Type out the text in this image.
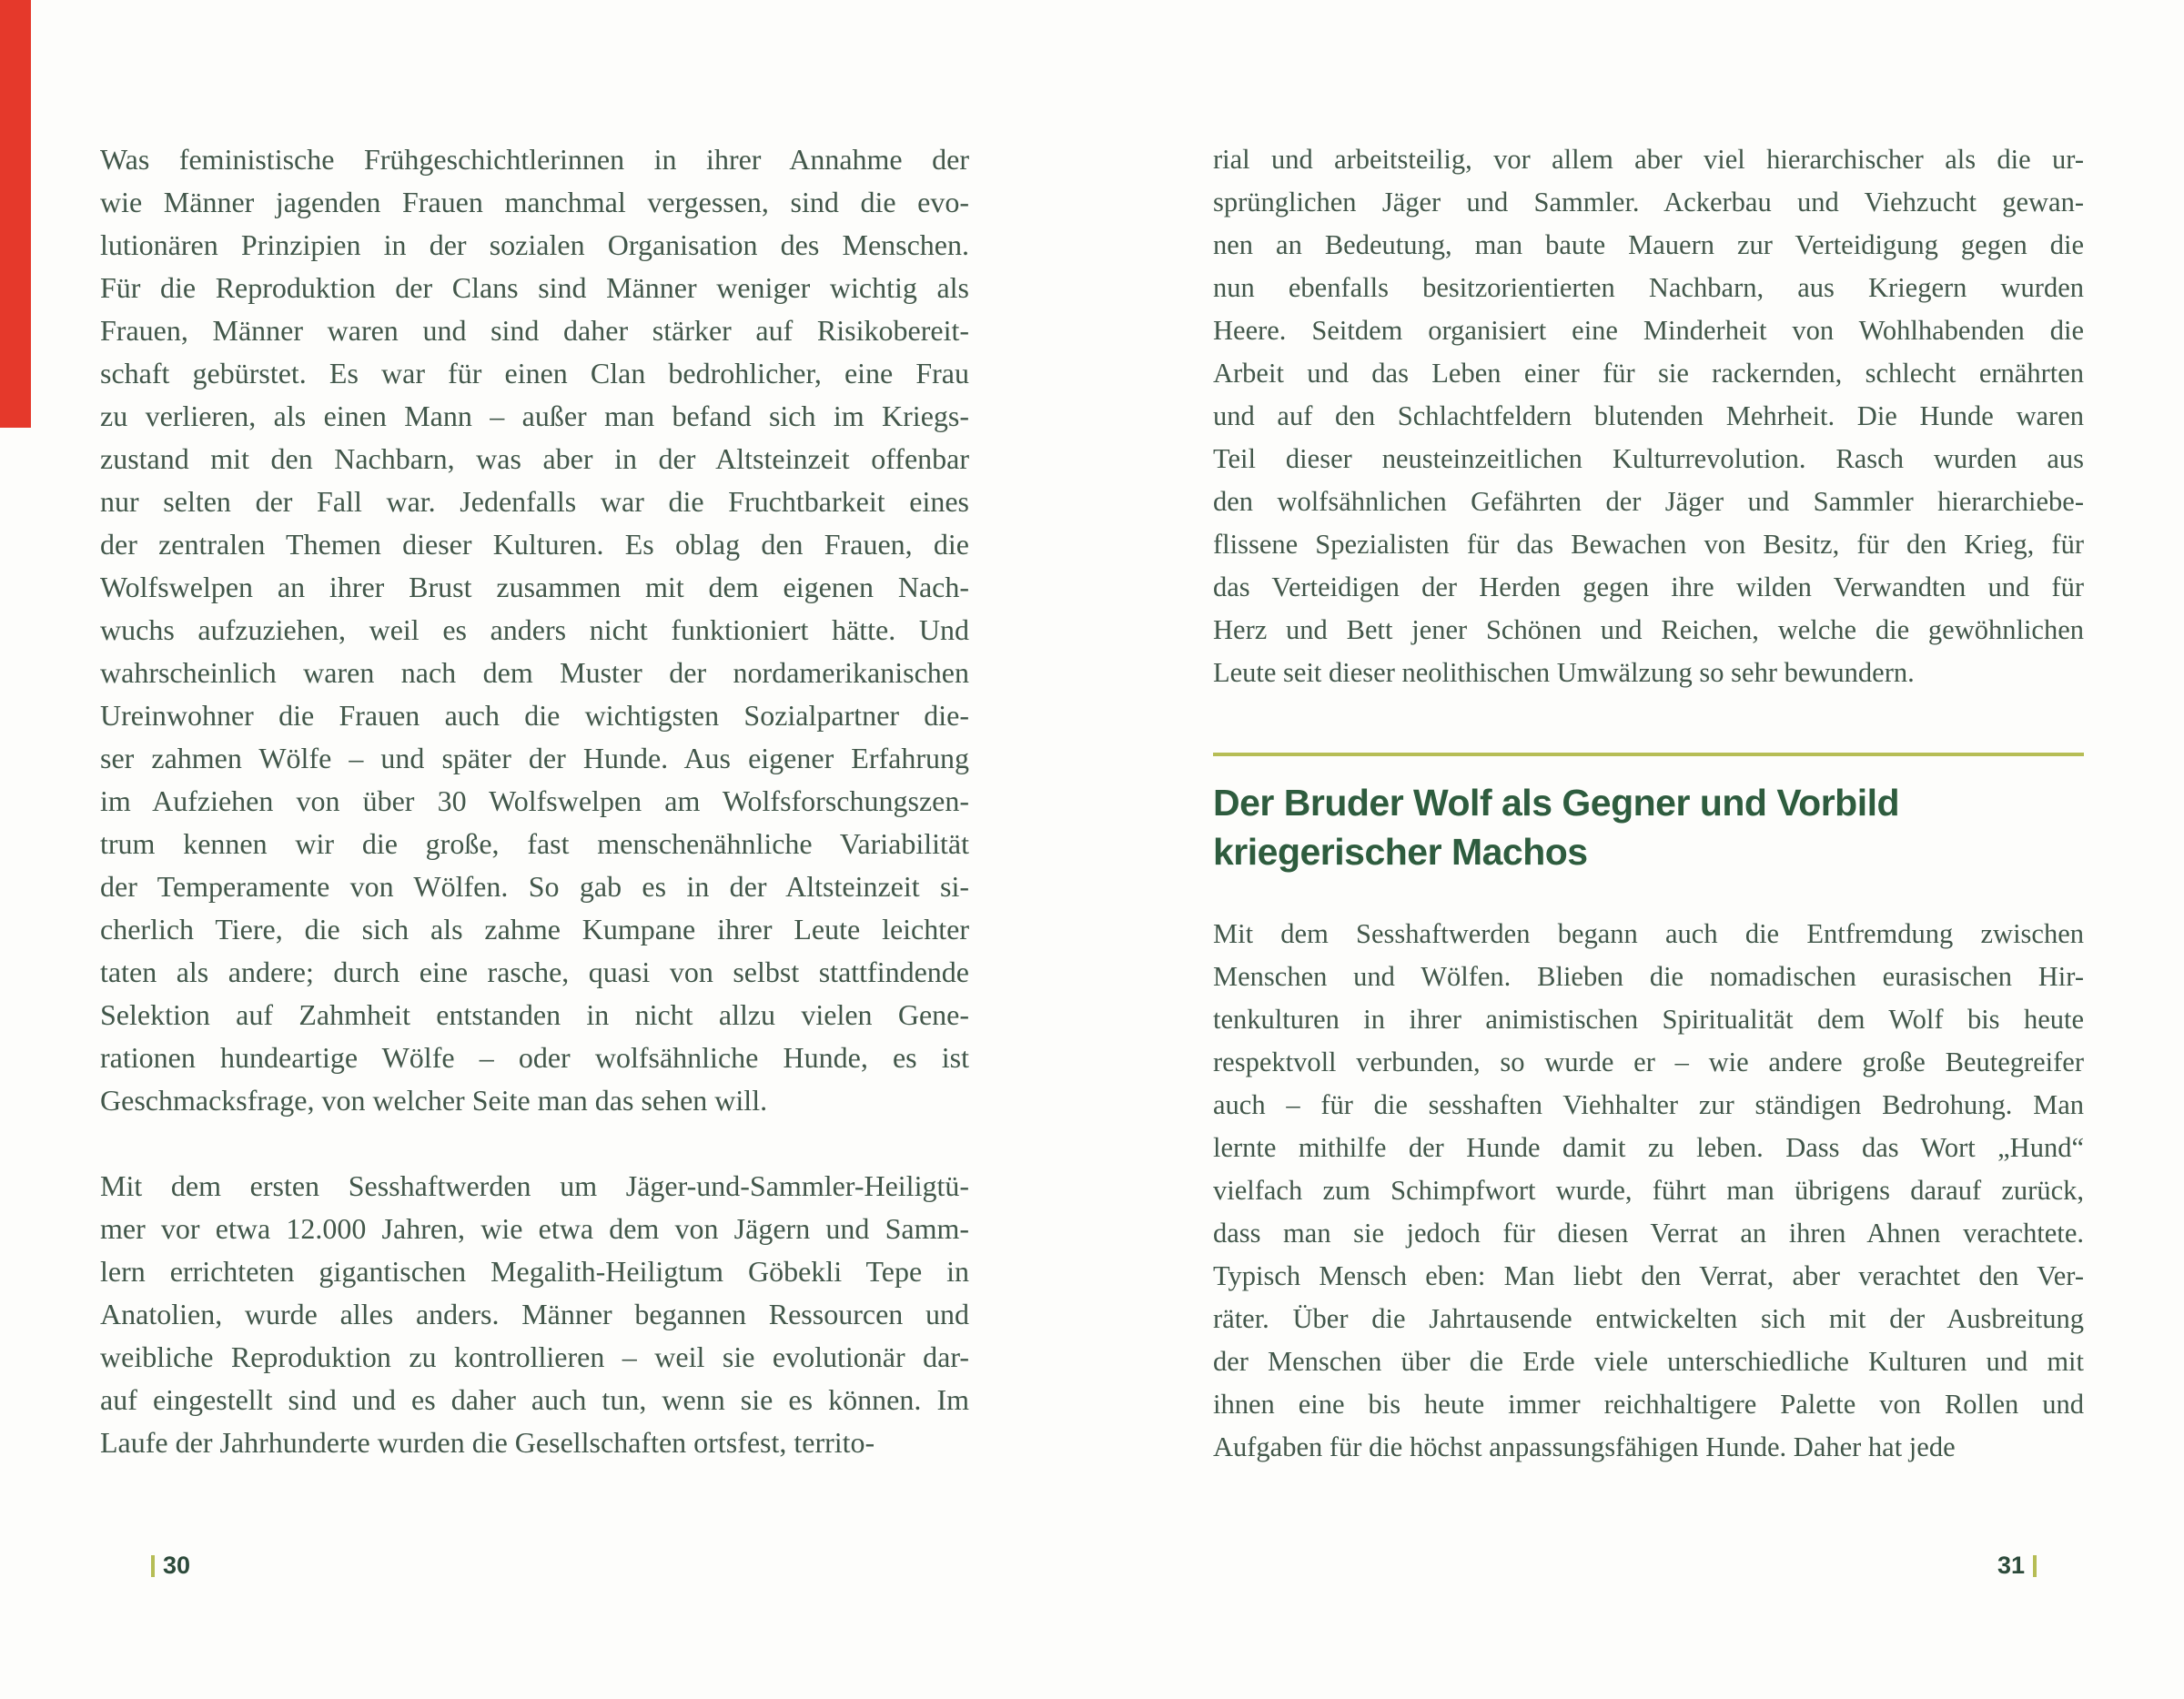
Was feministische Frühgeschichtlerinnen in ihrer Annahme der
wie Männer jagenden Frauen manchmal vergessen, sind die evo-
lutionären Prinzipien in der sozialen Organisation des Menschen.
Für die Reproduktion der Clans sind Männer weniger wichtig als
Frauen, Männer waren und sind daher stärker auf Risikobereit-
schaft gebürstet. Es war für einen Clan bedrohlicher, eine Frau
zu verlieren, als einen Mann – außer man befand sich im Kriegs-
zustand mit den Nachbarn, was aber in der Altsteinzeit offenbar
nur selten der Fall war. Jedenfalls war die Fruchtbarkeit eines
der zentralen Themen dieser Kulturen. Es oblag den Frauen, die
Wolfswelpen an ihrer Brust zusammen mit dem eigenen Nach-
wuchs aufzuziehen, weil es anders nicht funktioniert hätte. Und
wahrscheinlich waren nach dem Muster der nordamerikanischen
Ureinwohner die Frauen auch die wichtigsten Sozialpartner die-
ser zahmen Wölfe – und später der Hunde. Aus eigener Erfahrung
im Aufziehen von über 30 Wolfswelpen am Wolfsforschungszen-
trum kennen wir die große, fast menschenähnliche Variabilität
der Temperamente von Wölfen. So gab es in der Altsteinzeit si-
cherlich Tiere, die sich als zahme Kumpane ihrer Leute leichter
taten als andere; durch eine rasche, quasi von selbst stattfindende
Selektion auf Zahmheit entstanden in nicht allzu vielen Gene-
rationen hundeartige Wölfe – oder wolfsähnliche Hunde, es ist
Geschmacksfrage, von welcher Seite man das sehen will.
Mit dem ersten Sesshaftwerden um Jäger-und-Sammler-Heiligtü-
mer vor etwa 12.000 Jahren, wie etwa dem von Jägern und Samm-
lern errichteten gigantischen Megalith-Heiligtum Göbekli Tepe in
Anatolien, wurde alles anders. Männer begannen Ressourcen und
weibliche Reproduktion zu kontrollieren – weil sie evolutionär dar-
auf eingestellt sind und es daher auch tun, wenn sie es können. Im
Laufe der Jahrhunderte wurden die Gesellschaften ortsfest, territo-
rial und arbeitsteilig, vor allem aber viel hierarchischer als die ur-
sprünglichen Jäger und Sammler. Ackerbau und Viehzucht gewan-
nen an Bedeutung, man baute Mauern zur Verteidigung gegen die
nun ebenfalls besitzorientierten Nachbarn, aus Kriegern wurden
Heere. Seitdem organisiert eine Minderheit von Wohlhabenden die
Arbeit und das Leben einer für sie rackernden, schlecht ernährten
und auf den Schlachtfeldern blutenden Mehrheit. Die Hunde waren
Teil dieser neusteinzeitlichen Kulturrevolution. Rasch wurden aus
den wolfsähnlichen Gefährten der Jäger und Sammler hierarchiebe-
flissene Spezialisten für das Bewachen von Besitz, für den Krieg, für
das Verteidigen der Herden gegen ihre wilden Verwandten und für
Herz und Bett jener Schönen und Reichen, welche die gewöhnlichen
Leute seit dieser neolithischen Umwälzung so sehr bewundern.
Der Bruder Wolf als Gegner und Vorbild
kriegerischer Machos
Mit dem Sesshaftwerden begann auch die Entfremdung zwischen
Menschen und Wölfen. Blieben die nomadischen eurasischen Hir-
tenkulturen in ihrer animistischen Spiritualität dem Wolf bis heute
respektvoll verbunden, so wurde er – wie andere große Beutegreifer
auch – für die sesshaften Viehhalter zur ständigen Bedrohung. Man
lernte mithilfe der Hunde damit zu leben. Dass das Wort „Hund“
vielfach zum Schimpfwort wurde, führt man übrigens darauf zurück,
dass man sie jedoch für diesen Verrat an ihren Ahnen verachtete.
Typisch Mensch eben: Man liebt den Verrat, aber verachtet den Ver-
räter. Über die Jahrtausende entwickelten sich mit der Ausbreitung
der Menschen über die Erde viele unterschiedliche Kulturen und mit
ihnen eine bis heute immer reichhaltigere Palette von Rollen und
Aufgaben für die höchst anpassungsfähigen Hunde. Daher hat jede
30	31
